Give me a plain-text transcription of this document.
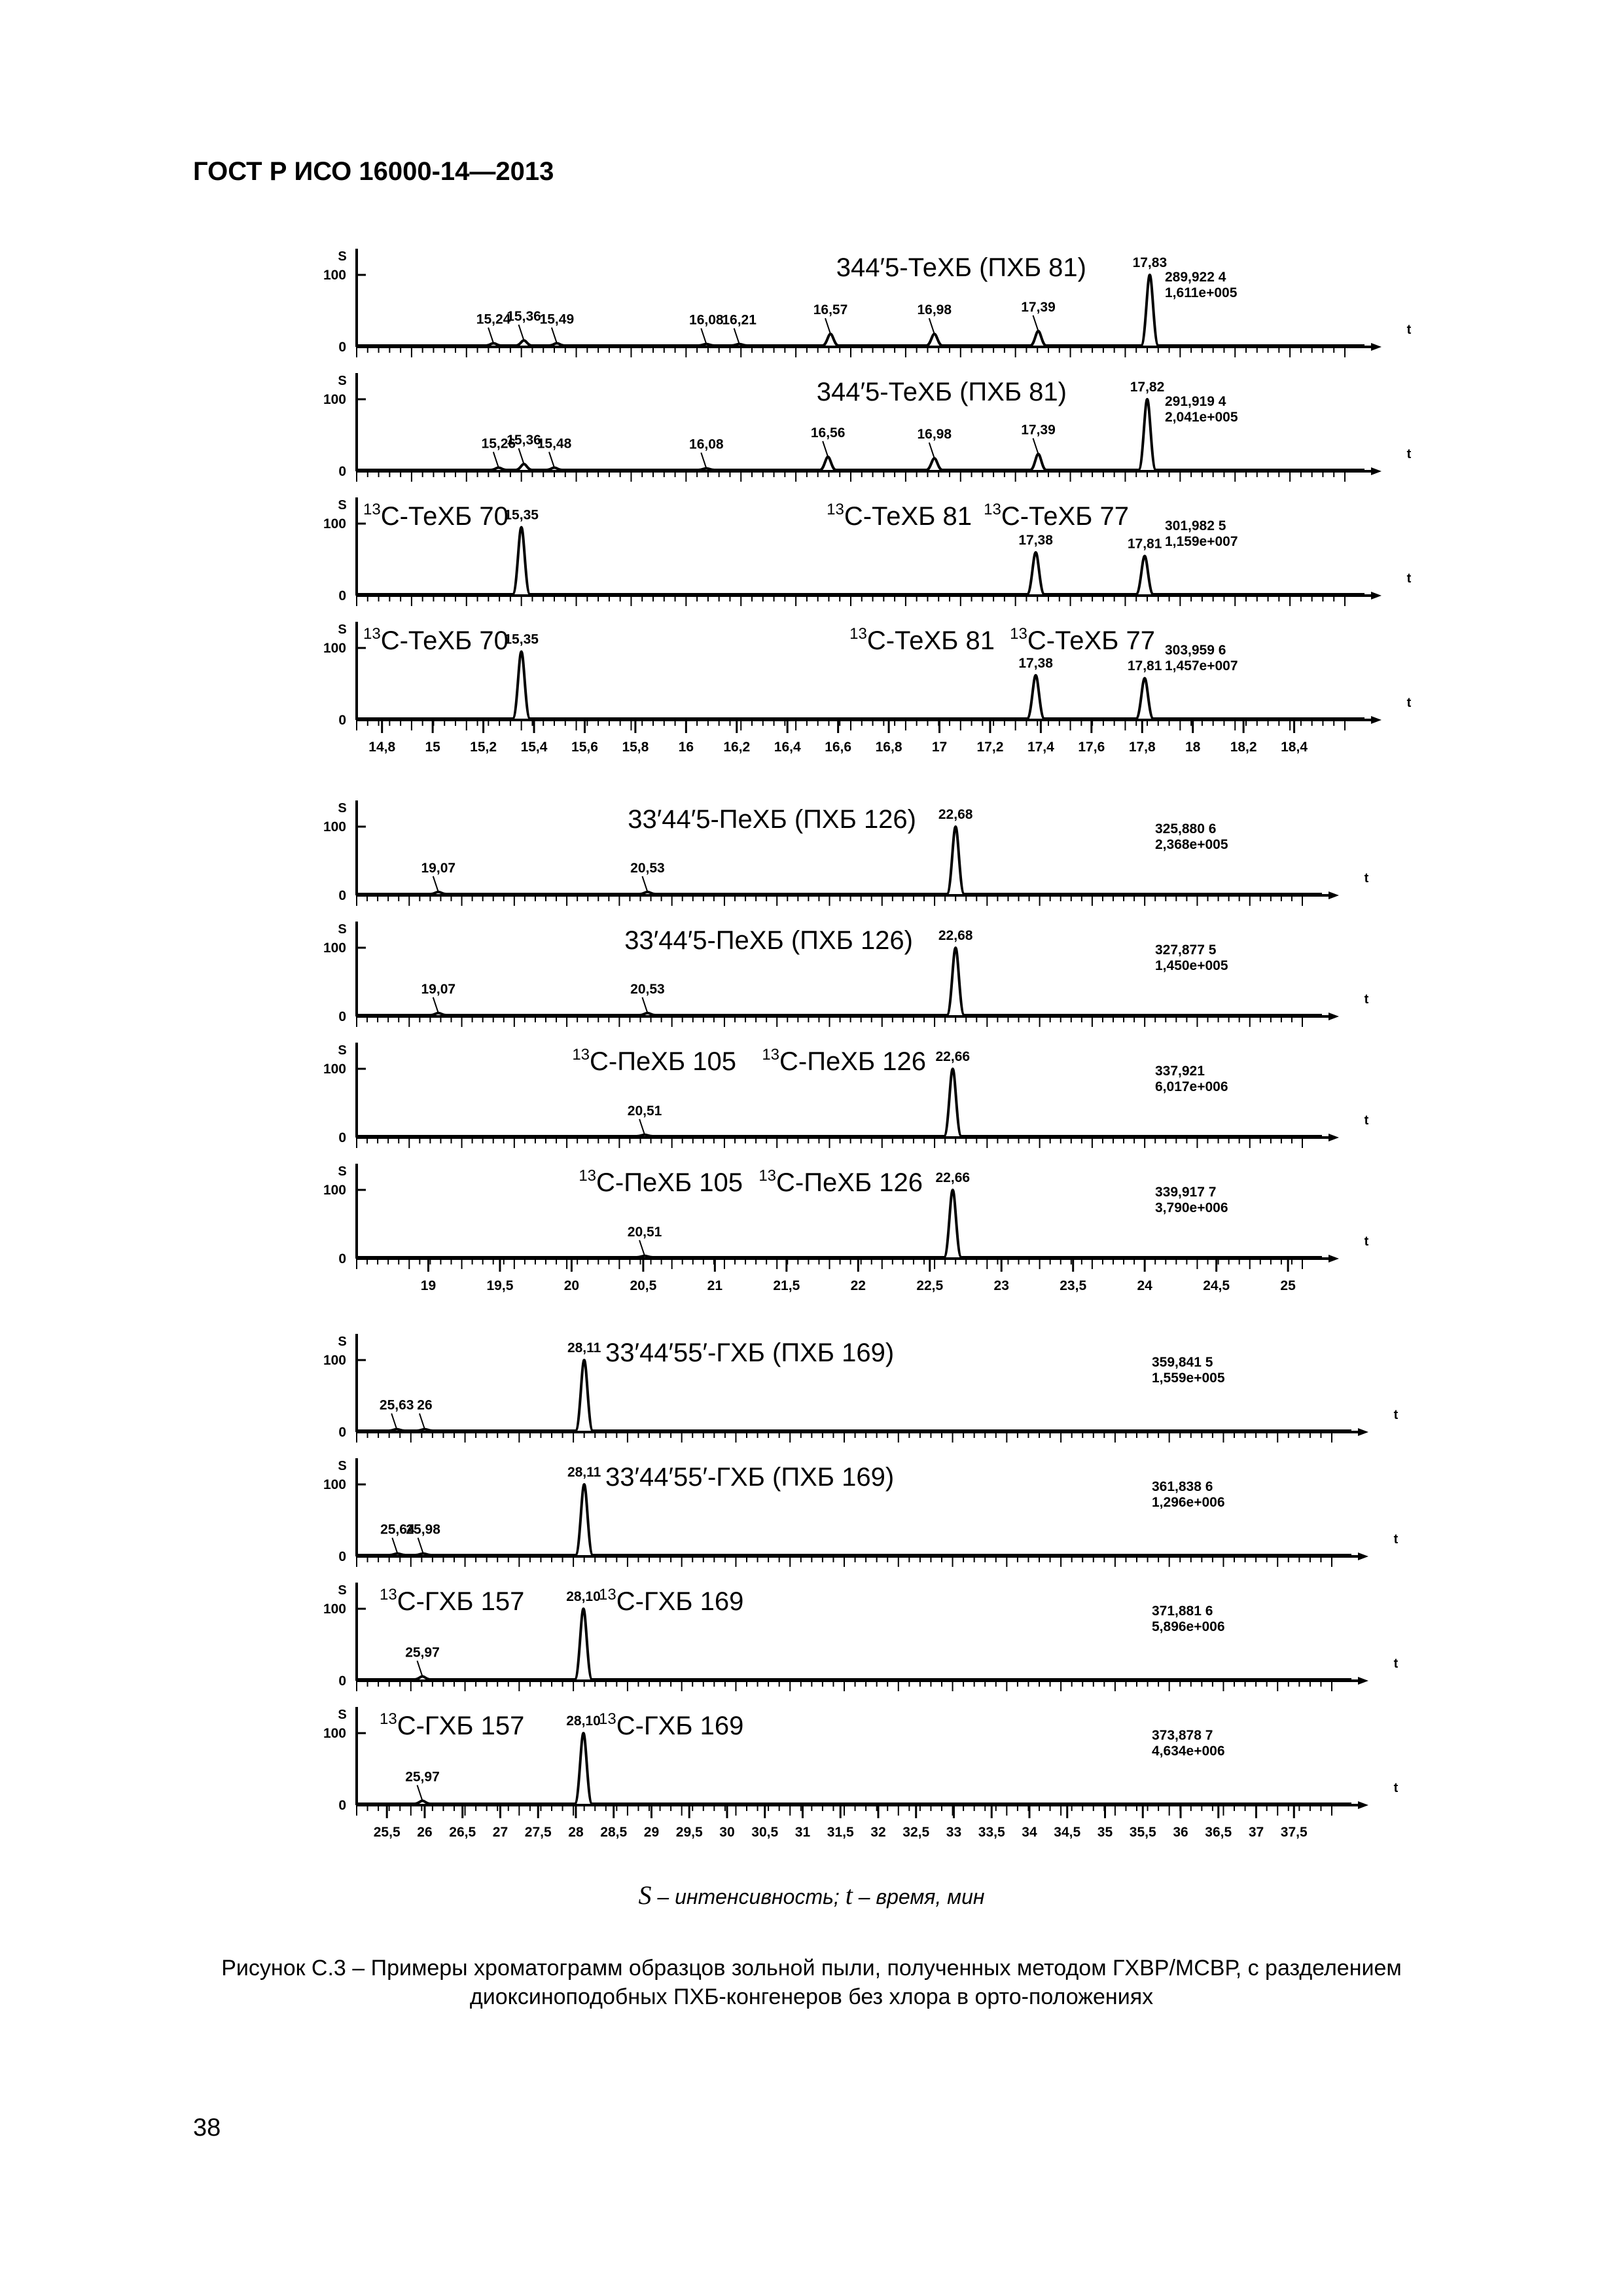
ГОСТ Р ИСО 16000-14—2013
S
100
0
t
15,24
15,36
15,49	16,08
16,21
16,57	16,98	17,39
17,83
344′5-ТеХБ (ПХБ 81)	289,922 4
1,611e+005
S
100
0
t
15,26
15,36
15,48	16,08
16,56	16,98	17,39
17,82
344′5-ТеХБ (ПХБ 81)	291,919 4
2,041e+005
S
100
0
t
15,35
17,38	17,81
$^{13}$С-ТеХБ 70	$^{13}$С-ТеХБ 81 $^{13}$С-ТеХБ 77	301,982 5
1,159e+007
S
100
0
t
15,35
17,38	17,81
$^{13}$С-ТеХБ 70	$^{13}$С-ТеХБ 81 $^{13}$С-ТеХБ 77 303,959 6
1,457e+007
14,8 15 15,2 15,4 15,6 15,8 16 16,2 16,4 16,6 16,8 17 17,2 17,4 17,6 17,8 18 18,2 18,4
S
100
0
t
19,07	20,53
22,68
33′44′5-ПеХБ (ПХБ 126)	325,880 6
2,368e+005
S
100
0
t
19,07	20,53
22,68
33′44′5-ПеХБ (ПХБ 126)	327,877 5
1,450e+005
S
100
0
t
20,51
22,66
$^{13}$С-ПеХБ 105 $^{13}$С-ПеХБ 126	337,921
6,017e+006
S
100
0
t
20,51
22,66
$^{13}$С-ПеХБ 105 $^{13}$С-ПеХБ 126	339,917 7
3,790e+006
19	19,5	20	20,5	21	21,5	22	22,5	23	23,5	24	24,5	25
S
100
0
t
25,63 26
28,11 33′44′55′-ГХБ (ПХБ 169)	359,841 5
1,559e+005
S
100
0
t
25,64
25,98
28,11 33′44′55′-ГХБ (ПХБ 169)	361,838 6
1,296e+006
S
100
0
t
25,97
28,10
$^{13}$С-ГХБ 157	$^{13}$С-ГХБ 169	371,881 6
5,896e+006
S
100
0
t
25,97
28,10
$^{13}$С-ГХБ 157	$^{13}$С-ГХБ 169	373,878 7
4,634e+006
25,5 26 26,5 27 27,5 28 28,5 29 29,5 30 30,5 31 31,5 32 32,5 33 33,5 34 34,5 35 35,5 36 36,5 37 37,5
S – интенсивность; t – время, мин
Рисунок С.3 – Примеры хроматограмм образцов зольной пыли, полученных методом ГХВР/МСВР, с разделением диоксиноподобных ПХБ-конгенеров без хлора в орто-положениях
38
